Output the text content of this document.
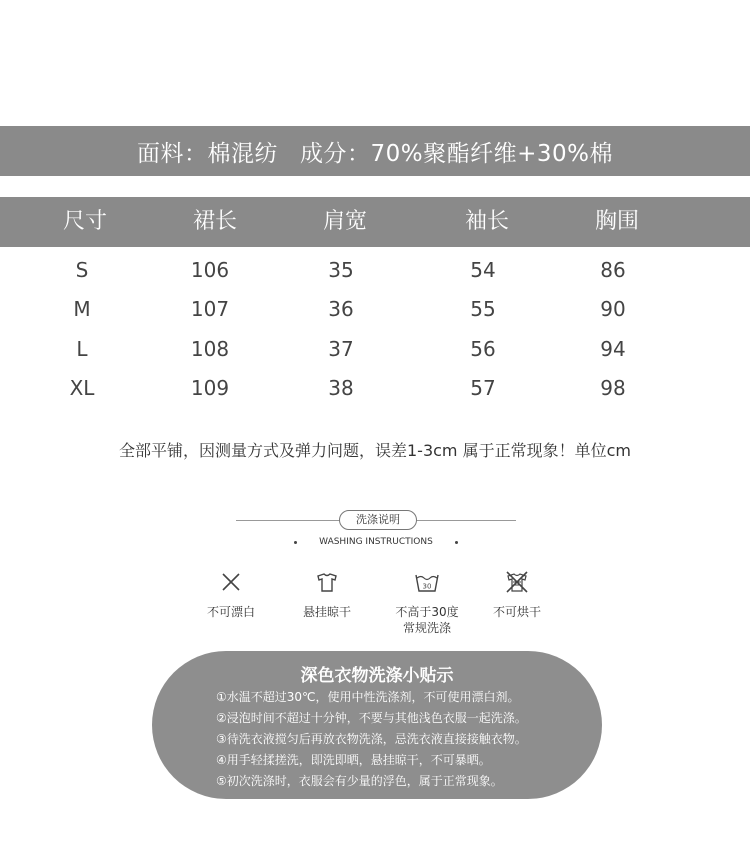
面料：棉混纺 成分：70%聚酯纤维+30%棉
尺寸	裙长	肩宽	袖长	胸围
S	106	35	54	86
M	107	36	55	90
L	108	37	56	94
XL	109	38	57	98
全部平铺，因测量方式及弹力问题，误差1-3cm 属于正常现象！单位cm
洗涤说明
WASHING INSTRUCTIONS
不可漂白	悬挂晾干
30
不高于30度
常规洗涤
不可烘干
深色衣物洗涤小贴示
①水温不超过30℃，使用中性洗涤剂，不可使用漂白剂。
②浸泡时间不超过十分钟，不要与其他浅色衣服一起洗涤。
③待洗衣液搅匀后再放衣物洗涤，忌洗衣液直接接触衣物。
④用手轻揉搓洗，即洗即晒，悬挂晾干，不可暴晒。
⑤初次洗涤时，衣服会有少量的浮色，属于正常现象。
